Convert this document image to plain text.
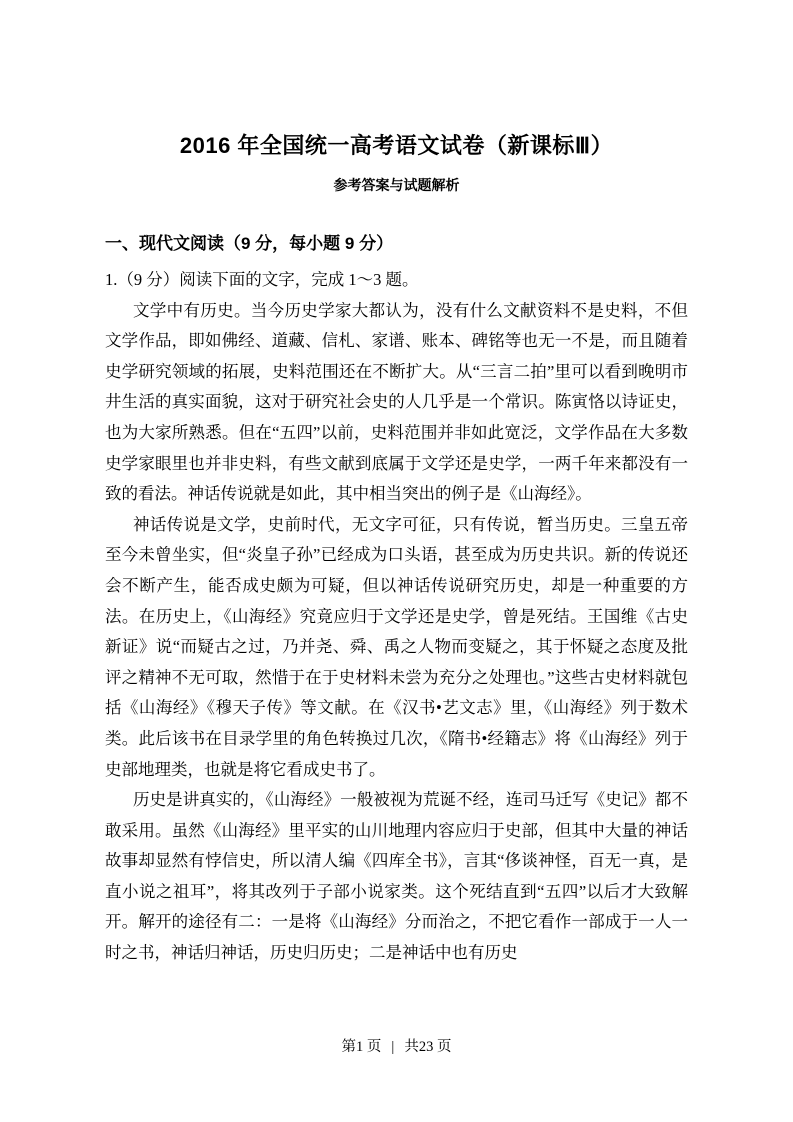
2016 年全国统一高考语文试卷（新课标Ⅲ）
参考答案与试题解析
一、现代文阅读（9 分，每小题 9 分）

1.（9 分）阅读下面的文字，完成 1～3 题。

文学中有历史。当今历史学家大都认为，没有什么文献资料不是史料，不但文学作品，即如佛经、道藏、信札、家谱、账本、碑铭等也无一不是，而且随着史学研究领域的拓展，史料范围还在不断扩大。从“三言二拍”里可以看到晚明市井生活的真实面貌，这对于研究社会史的人几乎是一个常识。陈寅恪以诗证史，也为大家所熟悉。但在“五四”以前，史料范围并非如此宽泛，文学作品在大多数史学家眼里也并非史料，有些文献到底属于文学还是史学，一两千年来都没有一致的看法。神话传说就是如此，其中相当突出的例子是《山海经》。

神话传说是文学，史前时代，无文字可征，只有传说，暂当历史。三皇五帝至今未曾坐实，但“炎皇子孙”已经成为口头语，甚至成为历史共识。新的传说还会不断产生，能否成史颇为可疑，但以神话传说研究历史，却是一种重要的方法。在历史上，《山海经》究竟应归于文学还是史学，曾是死结。王国维《古史新证》说“而疑古之过，乃并尧、舜、禹之人物而变疑之，其于怀疑之态度及批评之精神不无可取，然惜于在于史材料未尝为充分之处理也。”这些古史材料就包括《山海经》《穆天子传》等文献。在《汉书•艺文志》里，《山海经》列于数术类。此后该书在目录学里的角色转换过几次，《隋书•经籍志》将《山海经》列于史部地理类，也就是将它看成史书了。

历史是讲真实的，《山海经》一般被视为荒诞不经，连司马迁写《史记》都不敢采用。虽然《山海经》里平实的山川地理内容应归于史部，但其中大量的神话故事却显然有悖信史，所以清人编《四库全书》，言其“侈谈神怪，百无一真，是直小说之祖耳”，将其改列于子部小说家类。这个死结直到“五四”以后才大致解开。解开的途径有二：一是将《山海经》分而治之，不把它看作一部成于一人一时之书，神话归神话，历史归历史；二是神话中也有历史

第1 页 | 共23 页
